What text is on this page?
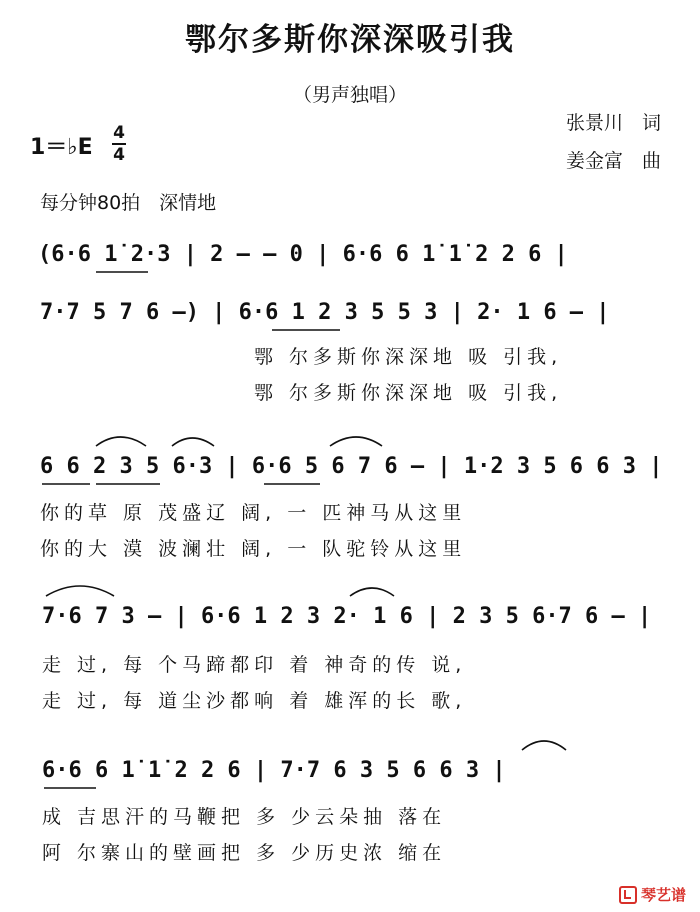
鄂尔多斯你深深吸引我
（男声独唱）
张景川　词
姜金富　曲
1＝♭E
4
4
每分钟80拍　深情地
(6·6 1̇ 2·3 | 2 – – 0 | 6·6 6 1̇ 1̇ 2 2 6 |
7·7 5 7 6 –) | 6·6 1 2 3 5 5 3 | 2· 1 6 – |
6 6 2 3 5 6·3 | 6·6 5 6 7 6 – | 1·2 3 5 6 6 3 |
7·6 7 3 – | 6·6 1 2 3 2· 1 6 | 2 3 5 6·7 6 – |
6·6 6 1̇ 1̇ 2 2 6 | 7·7 6 3 5 6 6 3 |
鄂 尔多斯你深深地 吸 引我,
鄂 尔多斯你深深地 吸 引我,
你的草 原 茂盛辽 阔, 一 匹神马从这里
你的大 漠 波澜壮 阔, 一 队驼铃从这里
走 过, 每 个马蹄都印 着 神奇的传 说,
走 过, 每 道尘沙都响 着 雄浑的长 歌,
成 吉思汗的马鞭把 多 少云朵抽 落在
阿 尔寨山的壁画把 多 少历史浓 缩在
琴艺谱
